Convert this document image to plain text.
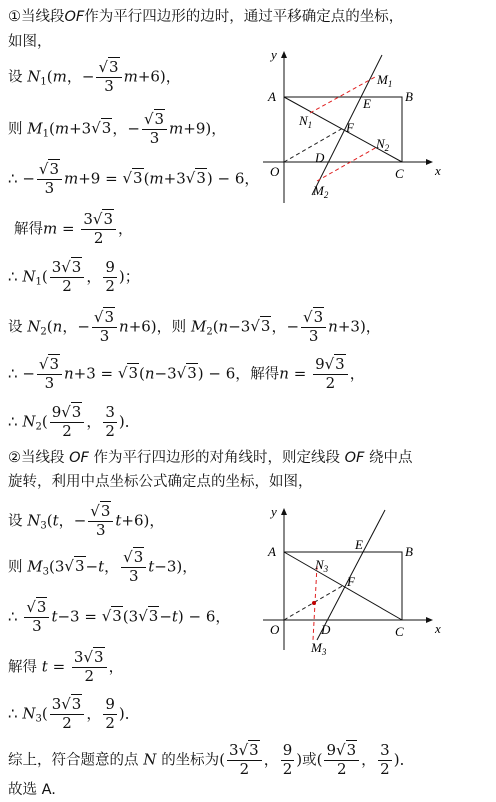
①当线段OF作为平行四边形的边时，通过平移确定点的坐标，
如图，
设 $N_1(m$，− $\frac{√3}{3} m+6$)，
则 $M_1(m+3√3$，− $\frac{√3}{3} m+9$)，
∴ − $\frac{√3}{3} m+9 = √3(m+3√3) - 6$，
解得$m = \frac{3√3}{2}$ ，
∴ $N_1( \frac{3√3}{2}$ ， $\frac{9}{2}$ )；
设 $N_2(n$，− $\frac{√3}{3} n+6$)，则 $M_2(n-3√3$，− $\frac{√3}{3} n+3$)，
∴ − $\frac{√3}{3} n+3 = √3(n-3√3) - 6$，解得$n = \frac{9√3}{2}$ ，
∴ $N_2( \frac{9√3}{2}$ ， $\frac{3}{2}$ )．
②当线段 OF 作为平行四边形的对角线时，则定线段 OF 绕中点
旋转，利用中点坐标公式确定点的坐标，如图，
设 $N_3(t$，− $\frac{√3}{3} t+6$)，
则 $M_3(3√3-t$， $\frac{√3}{3} t-3$)，
∴ $\frac{√3}{3} t-3 = √3(3√3-t) - 6$，
解得 $t = \frac{3√3}{2}$ ，
∴ $N_3( \frac{3√3}{2}$ ， $\frac{9}{2}$ )．
综上，符合题意的点 N 的坐标为( $\frac{3√3}{2}$ ， $\frac{9}{2}$ )或( $\frac{9√3}{2}$ ， $\frac{3}{2}$ )．
故选 A.
y
x
O
A	B
C
E
F
D
$M_1$
$N_1$
$N_2$
$M_2$
y
x
O
A	B
C
E
F
D
$N_3$
$M_3$
